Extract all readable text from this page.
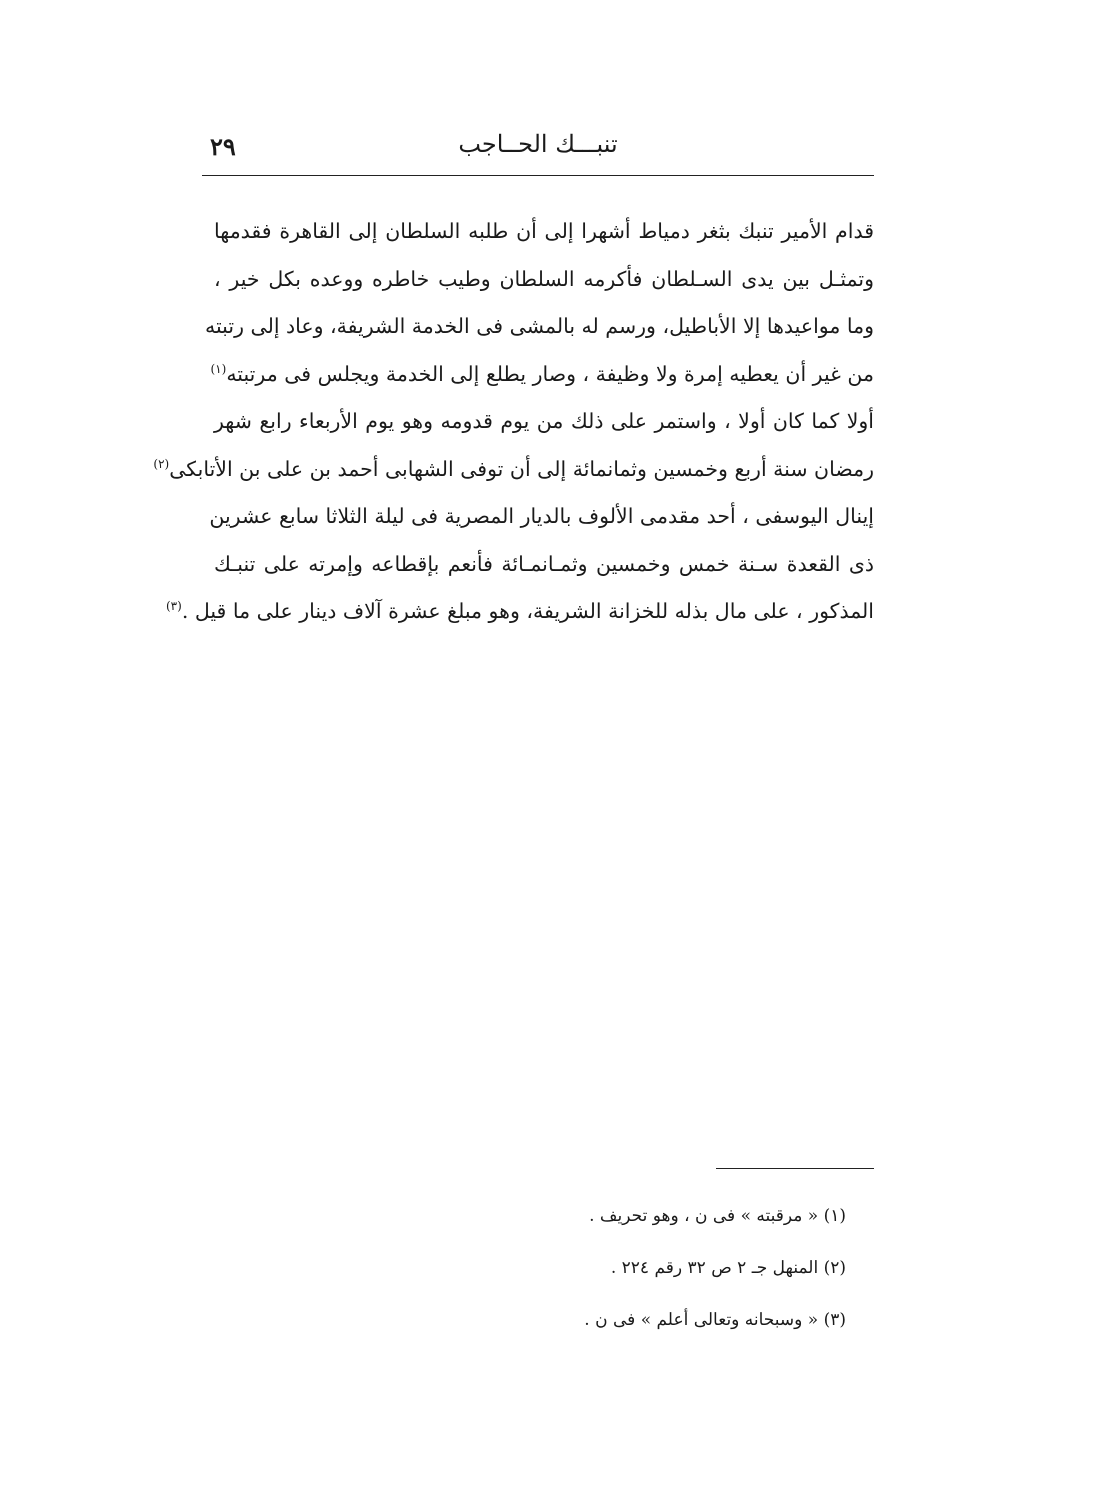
٢٩	تنبـــك الحــاجب
قدام الأمير تنبك بثغر دمياط أشهرا إلى أن طلبه السلطان إلى القاهرة فقدمها
وتمثـل بين يدى السـلطان فأكرمه السلطان وطيب خاطره ووعده بكل خير ،
وما مواعيدها إلا الأباطيل، ورسم له بالمشى فى الخدمة الشريفة، وعاد إلى رتبته
من غير أن يعطيه إمرة ولا وظيفة ، وصار يطلع إلى الخدمة ويجلس فى مرتبته$^{(١)}$
أولا كما كان أولا ، واستمر على ذلك من يوم قدومه وهو يوم الأربعاء رابع شهر
رمضان سنة أربع وخمسين وثمانمائة إلى أن توفى الشهابى أحمد بن على بن الأتابكى$^{(٢)}$
إينال اليوسفى ، أحد مقدمى الألوف بالديار المصرية فى ليلة الثلاثا سابع عشرين
ذى القعدة سـنة خمس وخمسين وثمـانمـائة فأنعم بإقطاعه وإمرته على تنبـك
المذكور ، على مال بذله للخزانة الشريفة، وهو مبلغ عشرة آلاف دينار على ما قيل .$^{(٣)}$
(١) « مرقبته » فى ن ، وهو تحريف .
(٢) المنهل جـ ٢ ص ٣٢ رقم ٢٢٤ .
(٣) « وسبحانه وتعالى أعلم » فى ن .
